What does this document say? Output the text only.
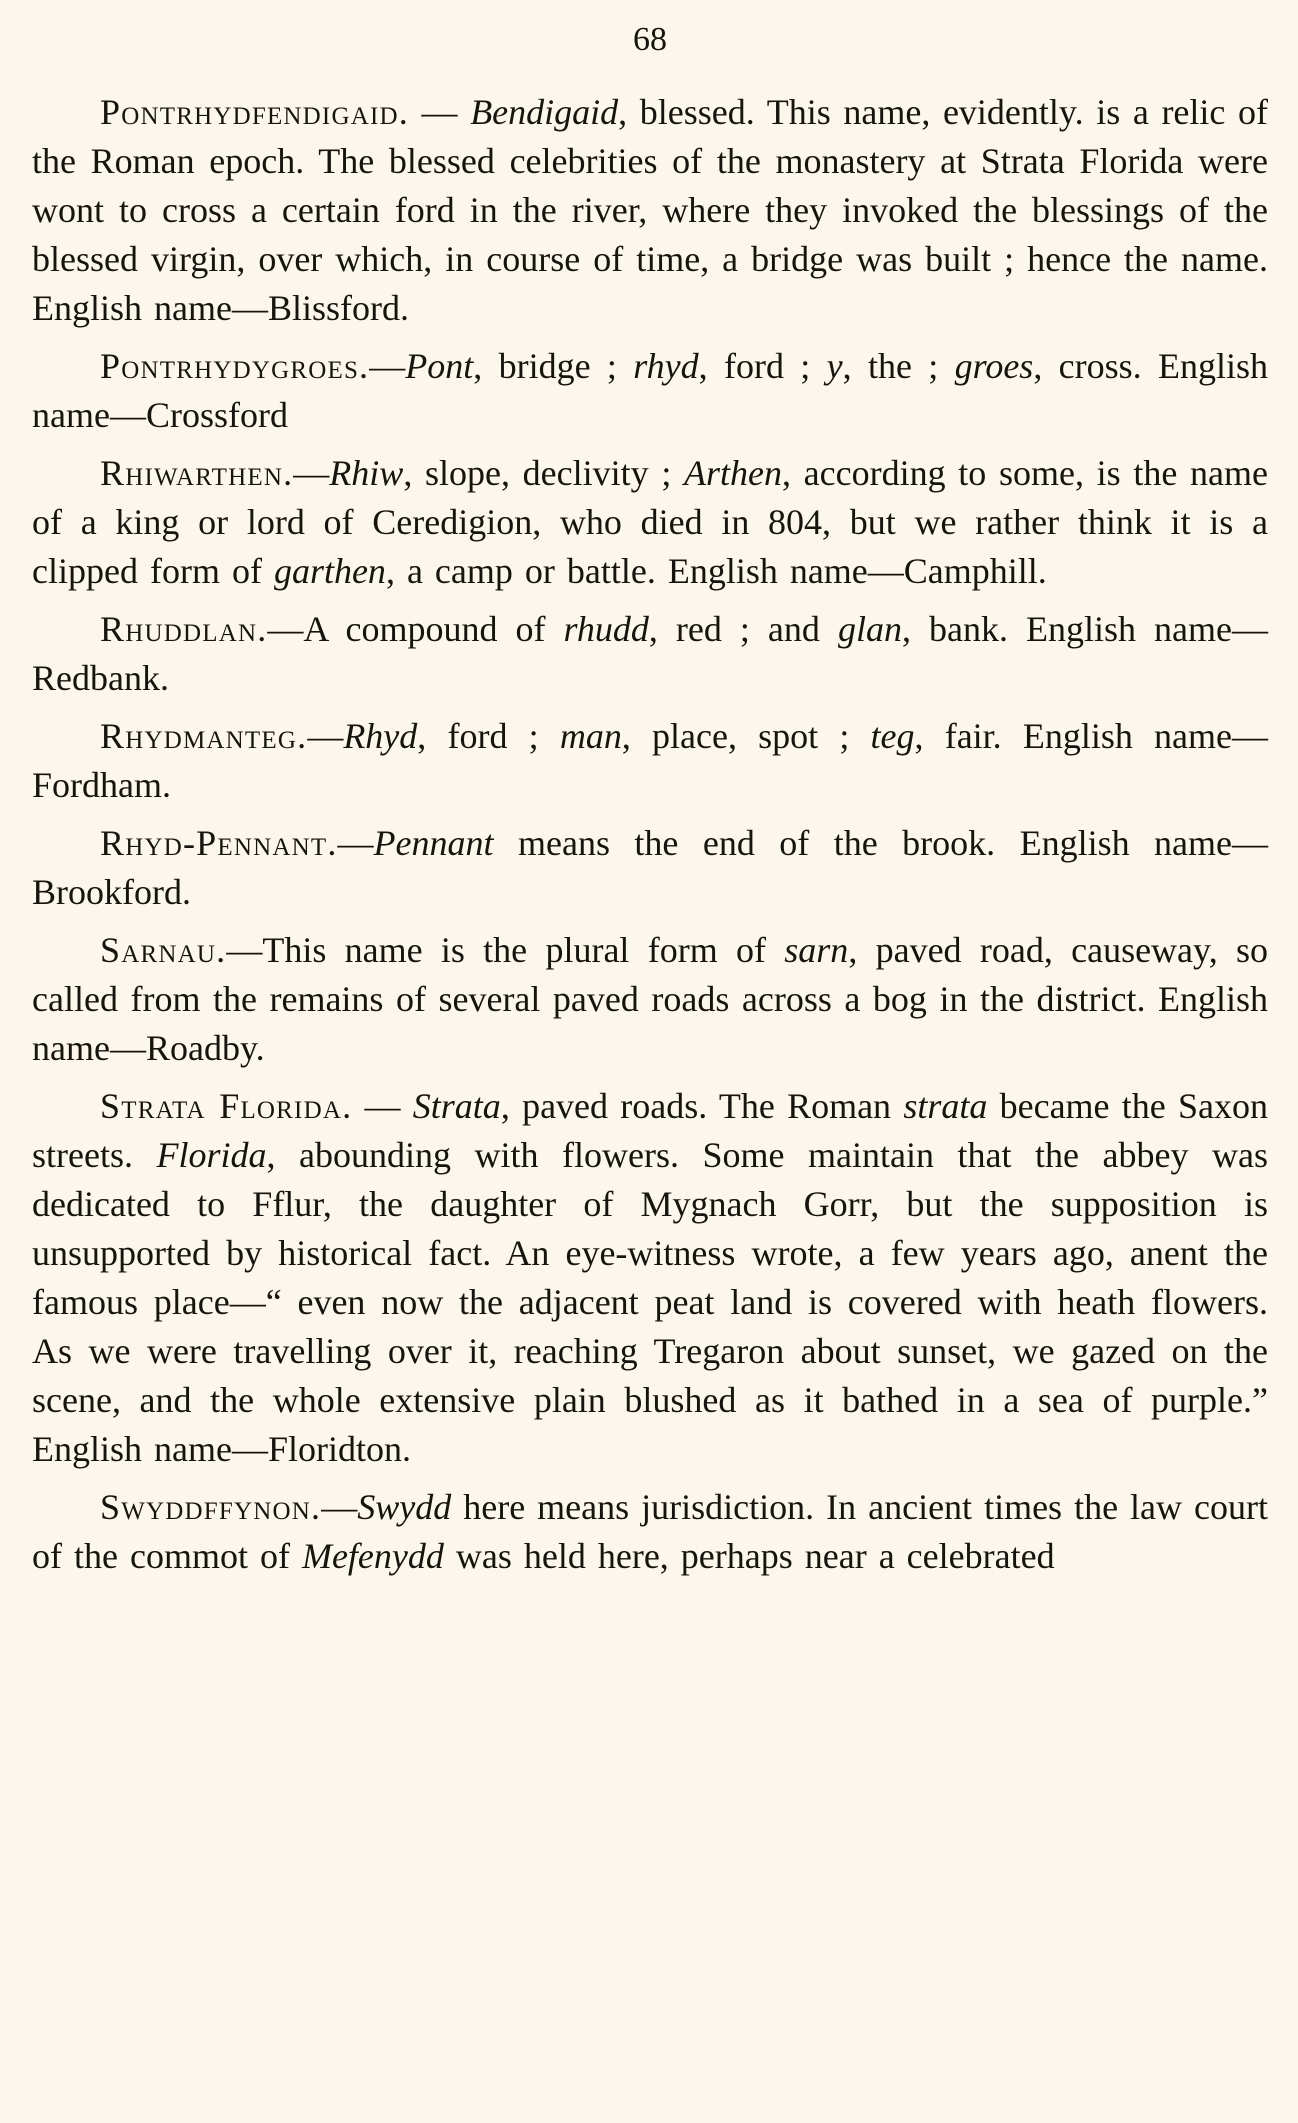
68

Pontrhydfendigaid. — Bendigaid, blessed. This name, evidently. is a relic of the Roman epoch. The blessed celebrities of the monastery at Strata Florida were wont to cross a certain ford in the river, where they invoked the blessings of the blessed virgin, over which, in course of time, a bridge was built ; hence the name. English name—Blissford.

Pontrhydygroes.—Pont, bridge ; rhyd, ford ; y, the ; groes, cross. English name—Crossford

Rhiwarthen.—Rhiw, slope, declivity ; Arthen, according to some, is the name of a king or lord of Ceredigion, who died in 804, but we rather think it is a clipped form of garthen, a camp or battle. English name—Camphill.

Rhuddlan.—A compound of rhudd, red ; and glan, bank. English name—Redbank.

Rhydmanteg.—Rhyd, ford ; man, place, spot ; teg, fair. English name—Fordham.

Rhyd-Pennant.—Pennant means the end of the brook. English name—Brookford.

Sarnau.—This name is the plural form of sarn, paved road, causeway, so called from the remains of several paved roads across a bog in the district. English name—Roadby.

Strata Florida. — Strata, paved roads. The Roman strata became the Saxon streets. Florida, abounding with flowers. Some maintain that the abbey was dedicated to Fflur, the daughter of Mygnach Gorr, but the supposition is unsupported by historical fact. An eye-witness wrote, a few years ago, anent the famous place—“ even now the adjacent peat land is covered with heath flowers. As we were travelling over it, reaching Tregaron about sunset, we gazed on the scene, and the whole extensive plain blushed as it bathed in a sea of purple.” English name—Floridton.

Swyddffynon.—Swydd here means jurisdiction. In ancient times the law court of the commot of Mefenydd was held here, perhaps near a celebrated
